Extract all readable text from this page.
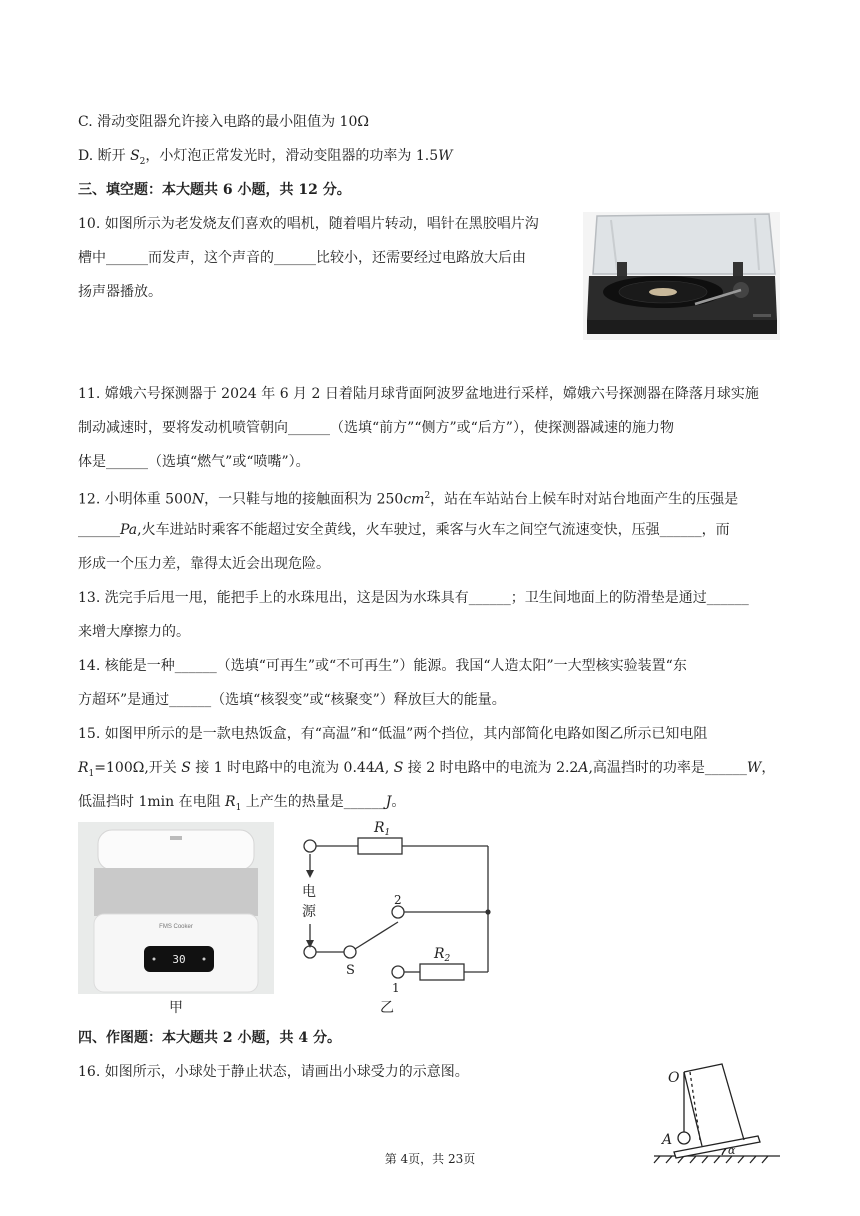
C. 滑动变阻器允许接入电路的最小阻值为 10Ω
D. 断开 $S_2$，小灯泡正常发光时，滑动变阻器的功率为 1.5W
三、填空题：本大题共 6 小题，共 12 分。
10. 如图所示为老发烧友们喜欢的唱机，随着唱片转动，唱针在黑胶唱片沟
槽中______而发声，这个声音的______比较小，还需要经过电路放大后由
扬声器播放。
11. 嫦娥六号探测器于 2024 年 6 月 2 日着陆月球背面阿波罗盆地进行采样，嫦娥六号探测器在降落月球实施
制动减速时，要将发动机喷管朝向______（选填“前方”“侧方”或“后方”），使探测器减速的施力物
体是______（选填“燃气”或“喷嘴”）。
12. 小明体重 500N，一只鞋与地的接触面积为 $250cm^2$，站在车站站台上候车时对站台地面产生的压强是
______Pa,火车进站时乘客不能超过安全黄线，火车驶过，乘客与火车之间空气流速变快，压强______，而
形成一个压力差，靠得太近会出现危险。
13. 洗完手后甩一甩，能把手上的水珠甩出，这是因为水珠具有______；卫生间地面上的防滑垫是通过______
来增大摩擦力的。
14. 核能是一种______（选填“可再生”或“不可再生”）能源。我国“人造太阳”一大型核实验装置“东
方超环”是通过______（选填“核裂变”或“核聚变”）释放巨大的能量。
15. 如图甲所示的是一款电热饭盒，有“高温”和“低温”两个挡位，其内部简化电路如图乙所示已知电阻
$R_1=100\Omega$,开关 S 接 1 时电路中的电流为 0.44A, S 接 2 时电路中的电流为 2.2A,高温挡时的功率是______W，
低温挡时 1min 在电阻 $R_1$ 上产生的热量是______J。
FMS Cooker
30
甲
$R_1$
$R_2$
电
源
S
2
1
乙
四、作图题：本大题共 2 小题，共 4 分。
16. 如图所示，小球处于静止状态，请画出小球受力的示意图。	O
A
α
第 4页，共 23页
